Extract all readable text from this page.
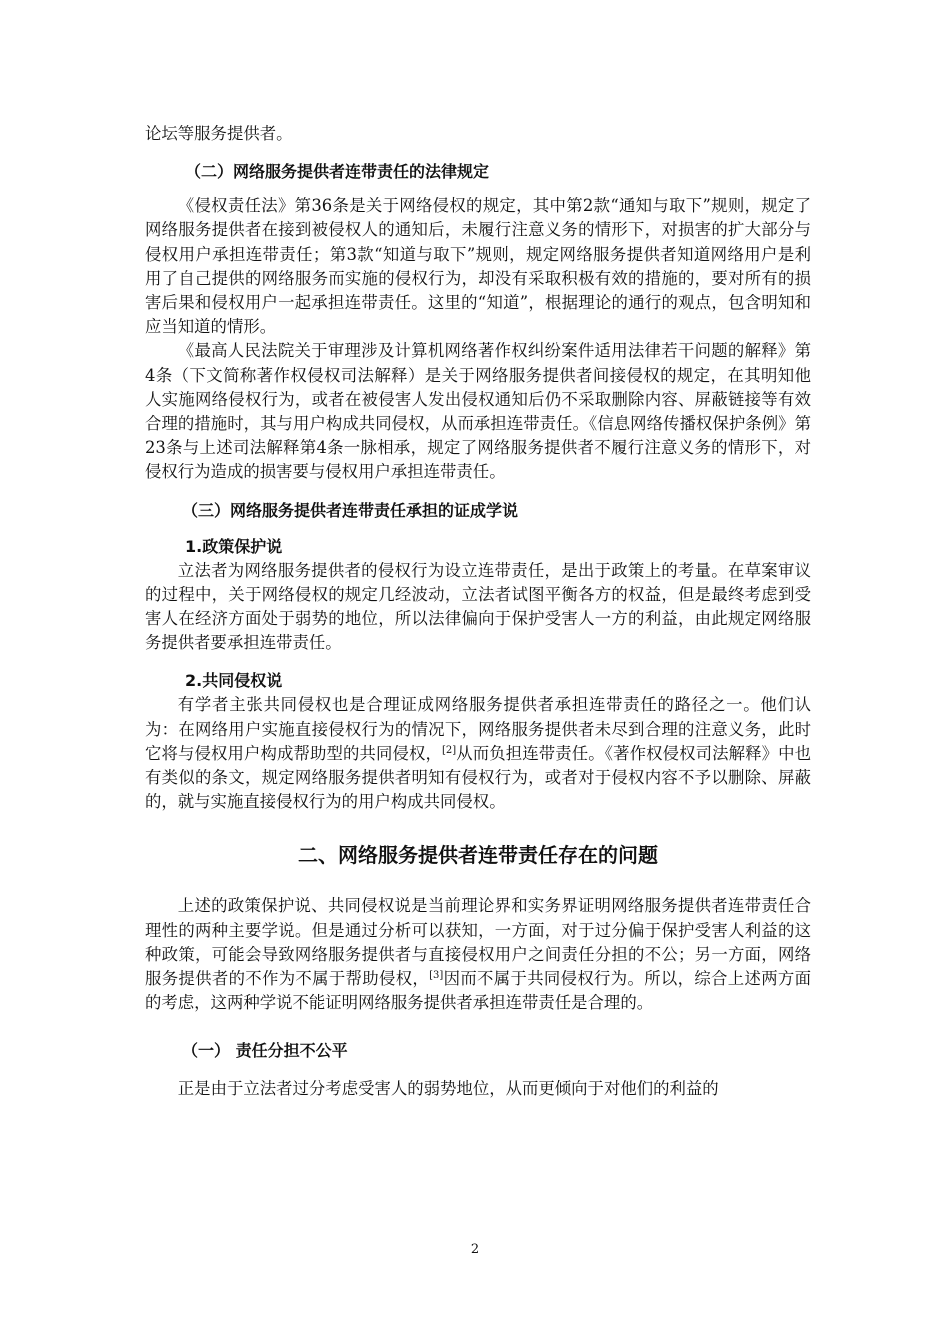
论坛等服务提供者。

（二）网络服务提供者连带责任的法律规定

《侵权责任法》第36条是关于网络侵权的规定，其中第2款“通知与取下”规则，规定了网络服务提供者在接到被侵权人的通知后，未履行注意义务的情形下，对损害的扩大部分与侵权用户承担连带责任；第3款“知道与取下”规则，规定网络服务提供者知道网络用户是利用了自己提供的网络服务而实施的侵权行为，却没有采取积极有效的措施的，要对所有的损害后果和侵权用户一起承担连带责任。这里的“知道”，根据理论的通行的观点，包含明知和应当知道的情形。

《最高人民法院关于审理涉及计算机网络著作权纠纷案件适用法律若干问题的解释》第4条（下文简称著作权侵权司法解释）是关于网络服务提供者间接侵权的规定，在其明知他人实施网络侵权行为，或者在被侵害人发出侵权通知后仍不采取删除内容、屏蔽链接等有效合理的措施时，其与用户构成共同侵权，从而承担连带责任。《信息网络传播权保护条例》第23条与上述司法解释第4条一脉相承，规定了网络服务提供者不履行注意义务的情形下，对侵权行为造成的损害要与侵权用户承担连带责任。

（三）网络服务提供者连带责任承担的证成学说

1.政策保护说

立法者为网络服务提供者的侵权行为设立连带责任，是出于政策上的考量。在草案审议的过程中，关于网络侵权的规定几经波动，立法者试图平衡各方的权益，但是最终考虑到受害人在经济方面处于弱势的地位，所以法律偏向于保护受害人一方的利益，由此规定网络服务提供者要承担连带责任。

2.共同侵权说

有学者主张共同侵权也是合理证成网络服务提供者承担连带责任的路径之一。他们认为：在网络用户实施直接侵权行为的情况下，网络服务提供者未尽到合理的注意义务，此时它将与侵权用户构成帮助型的共同侵权，[2]从而负担连带责任。《著作权侵权司法解释》中也有类似的条文，规定网络服务提供者明知有侵权行为，或者对于侵权内容不予以删除、屏蔽的，就与实施直接侵权行为的用户构成共同侵权。

二、网络服务提供者连带责任存在的问题

上述的政策保护说、共同侵权说是当前理论界和实务界证明网络服务提供者连带责任合理性的两种主要学说。但是通过分析可以获知，一方面，对于过分偏于保护受害人利益的这种政策，可能会导致网络服务提供者与直接侵权用户之间责任分担的不公；另一方面，网络服务提供者的不作为不属于帮助侵权，[3]因而不属于共同侵权行为。所以，综合上述两方面的考虑，这两种学说不能证明网络服务提供者承担连带责任是合理的。

（一） 责任分担不公平

正是由于立法者过分考虑受害人的弱势地位，从而更倾向于对他们的利益的

2
